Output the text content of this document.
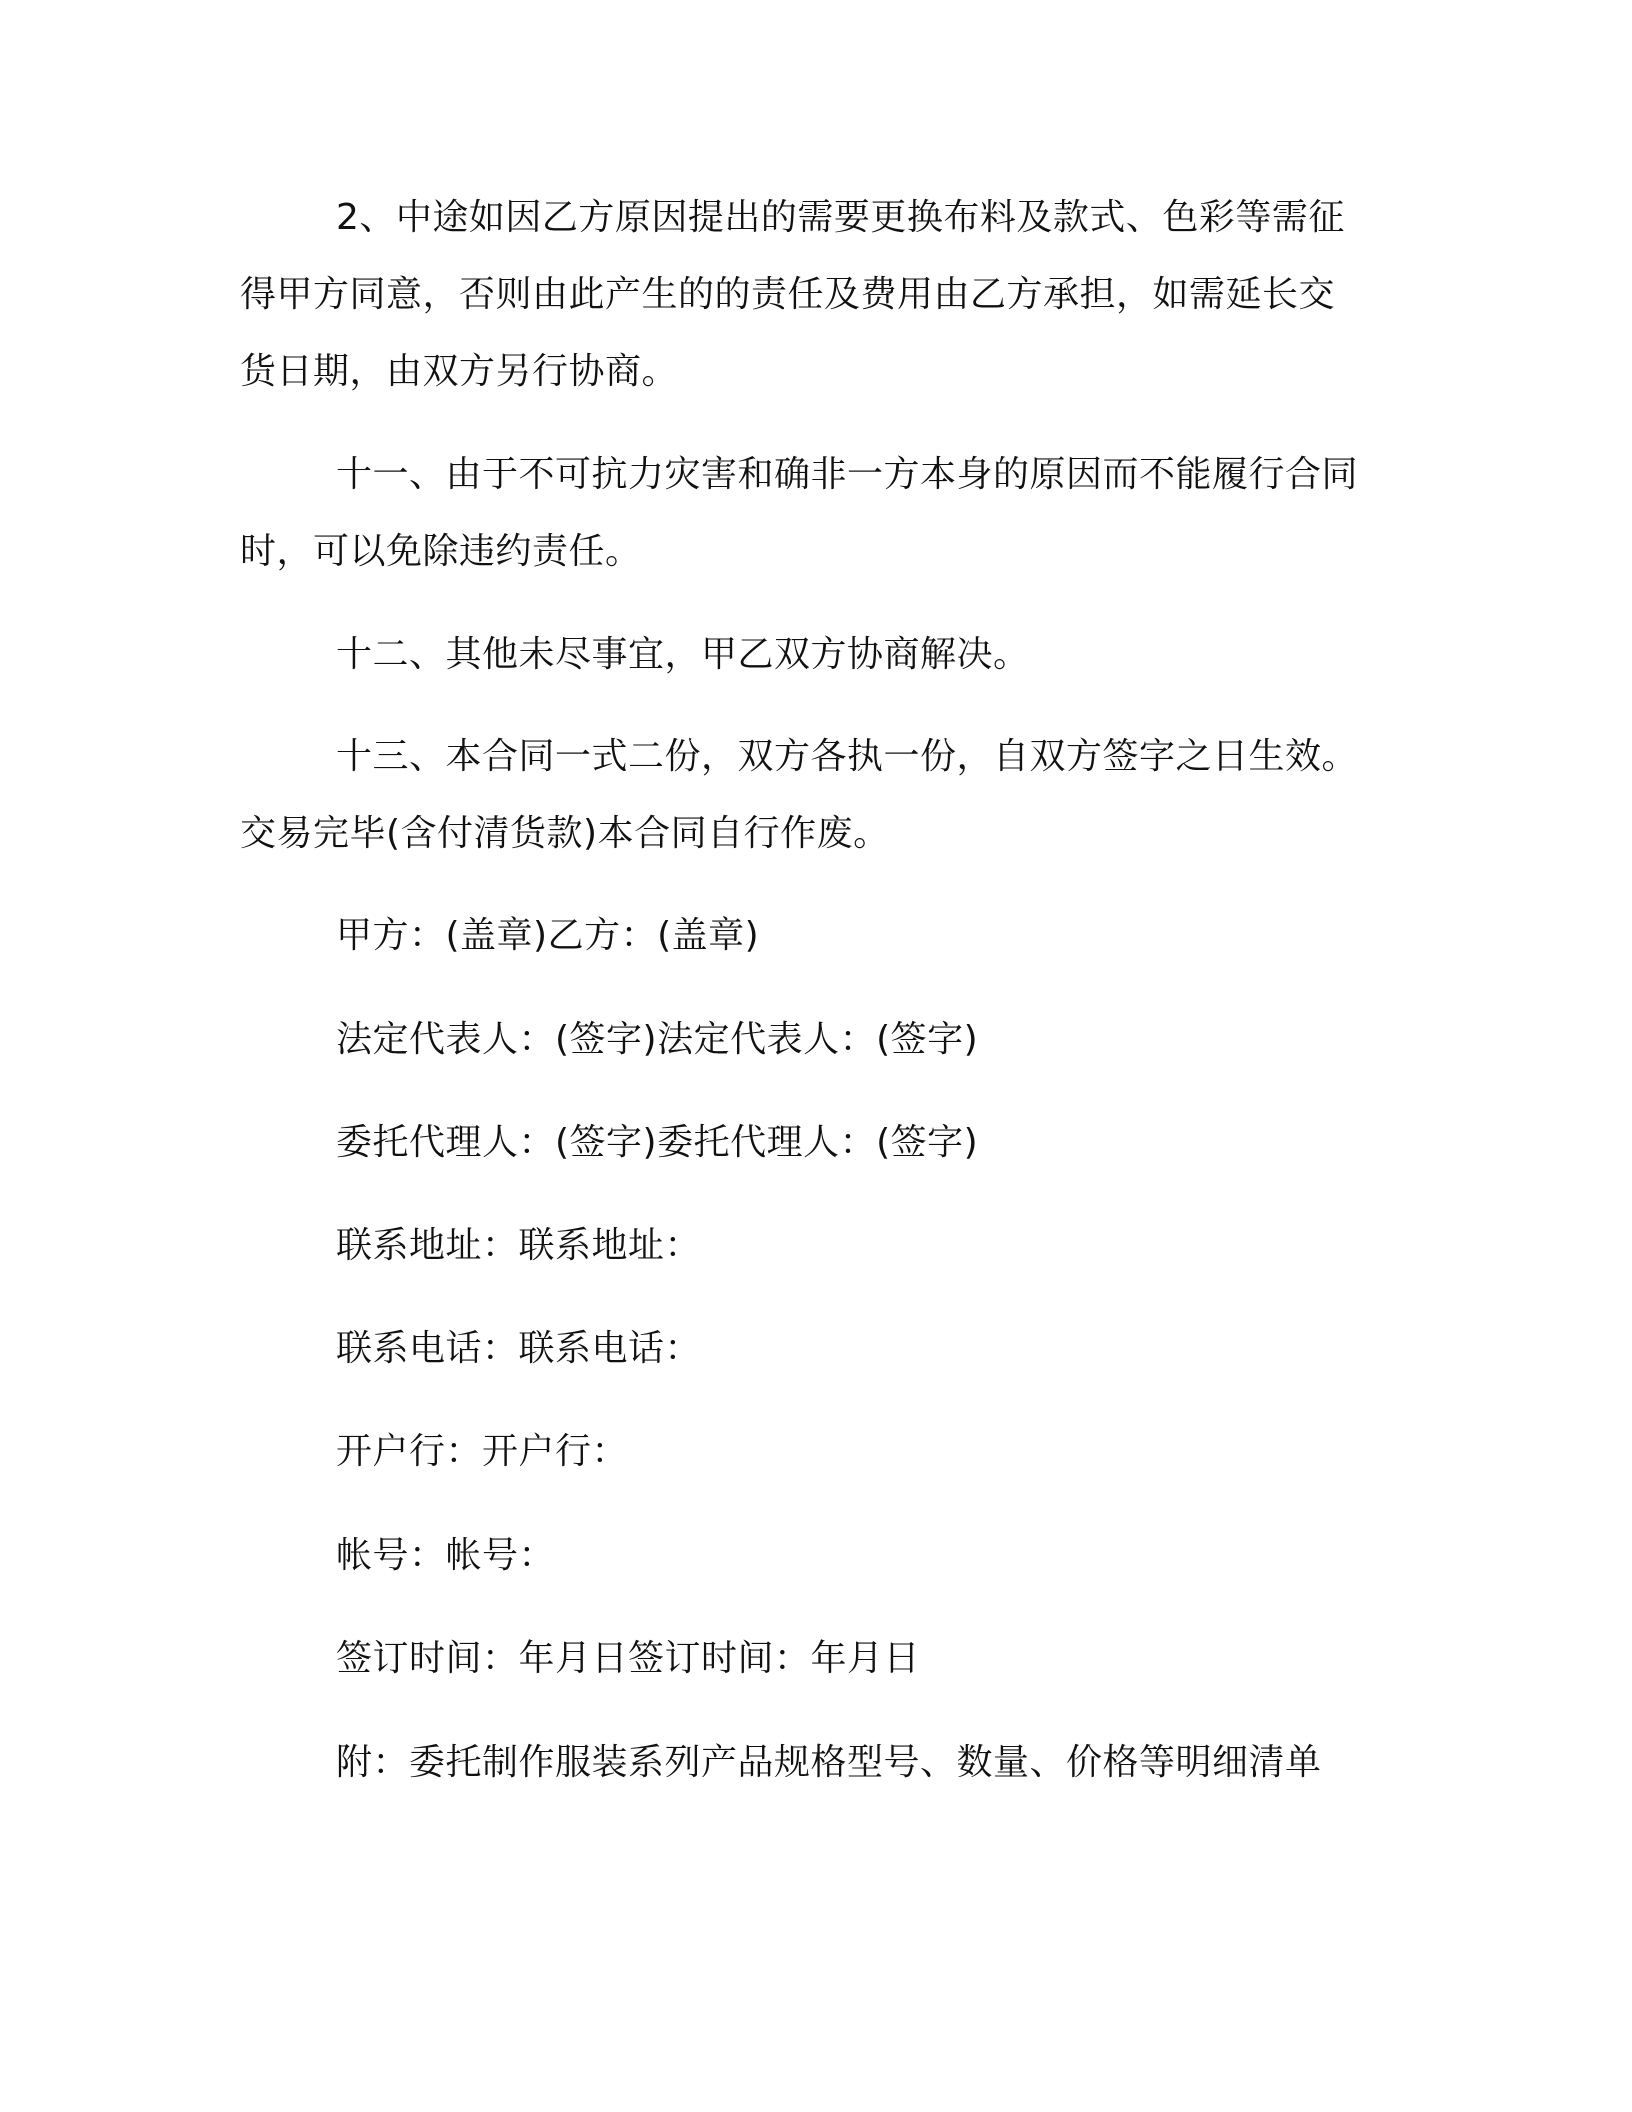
2、中途如因乙方原因提出的需要更换布料及款式、色彩等需征
得甲方同意，否则由此产生的的责任及费用由乙方承担，如需延长交
货日期，由双方另行协商。
十一、由于不可抗力灾害和确非一方本身的原因而不能履行合同
时，可以免除违约责任。
十二、其他未尽事宜，甲乙双方协商解决。
十三、本合同一式二份，双方各执一份，自双方签字之日生效。
交易完毕(含付清货款)本合同自行作废。

甲方：(盖章)乙方：(盖章)

法定代表人：(签字)法定代表人：(签字)

委托代理人：(签字)委托代理人：(签字)

联系地址：联系地址：

联系电话：联系电话：

开户行：开户行：

帐号：帐号：

签订时间：年月日签订时间：年月日

附：委托制作服装系列产品规格型号、数量、价格等明细清单
